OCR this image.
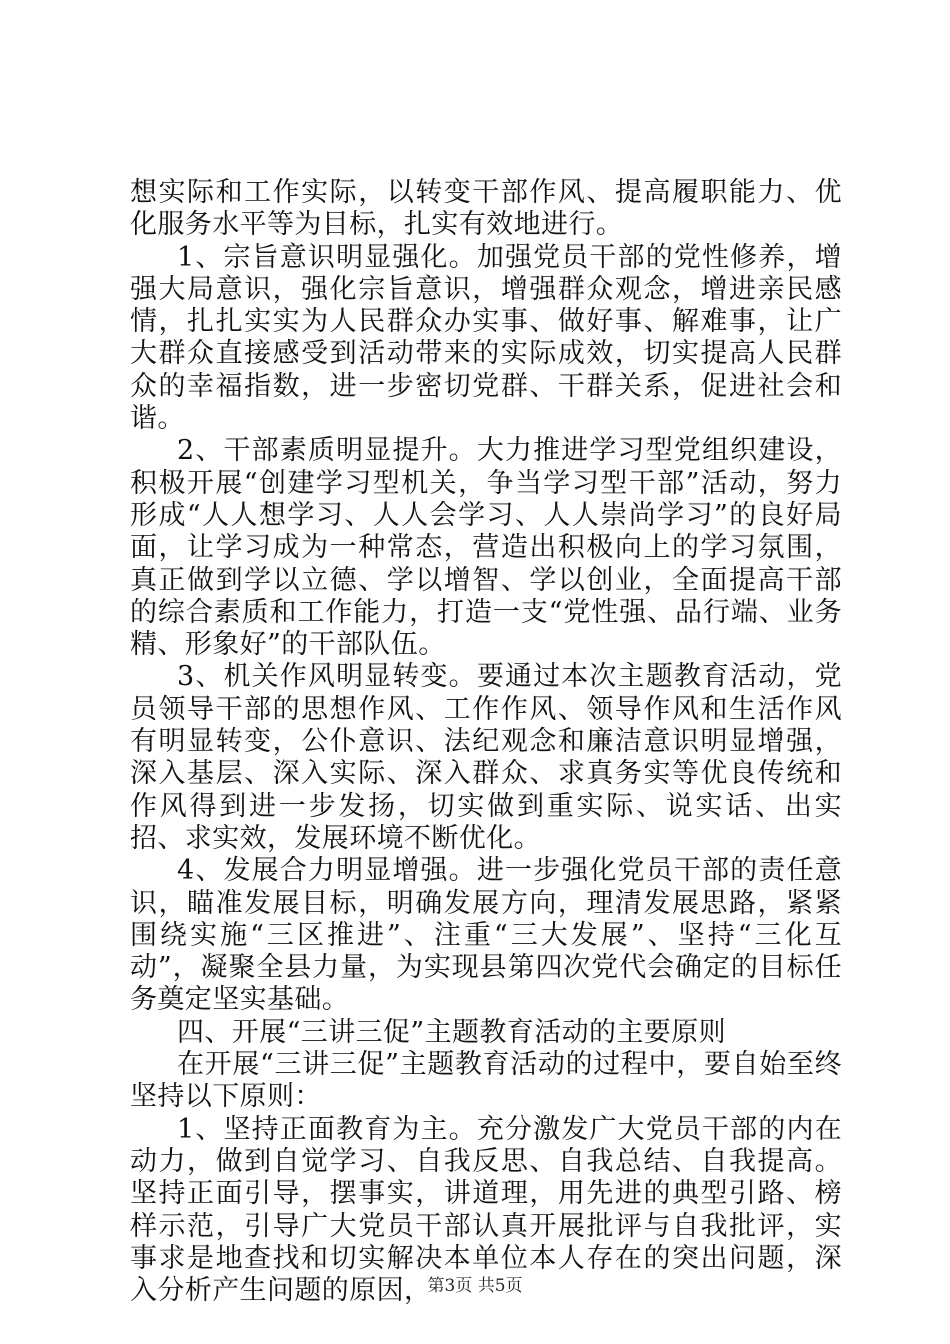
想实际和工作实际，以转变干部作风、提高履职能力、优化服务水平等为目标，扎实有效地进行。

1、宗旨意识明显强化。加强党员干部的党性修养，增强大局意识，强化宗旨意识，增强群众观念，增进亲民感情，扎扎实实为人民群众办实事、做好事、解难事，让广大群众直接感受到活动带来的实际成效，切实提高人民群众的幸福指数，进一步密切党群、干群关系，促进社会和谐。

2、干部素质明显提升。大力推进学习型党组织建设，积极开展“创建学习型机关，争当学习型干部”活动，努力形成“人人想学习、人人会学习、人人崇尚学习”的良好局面，让学习成为一种常态，营造出积极向上的学习氛围，真正做到学以立德、学以增智、学以创业，全面提高干部的综合素质和工作能力，打造一支“党性强、品行端、业务精、形象好”的干部队伍。

3、机关作风明显转变。要通过本次主题教育活动，党员领导干部的思想作风、工作作风、领导作风和生活作风有明显转变，公仆意识、法纪观念和廉洁意识明显增强，深入基层、深入实际、深入群众、求真务实等优良传统和作风得到进一步发扬，切实做到重实际、说实话、出实招、求实效，发展环境不断优化。

4、发展合力明显增强。进一步强化党员干部的责任意识，瞄准发展目标，明确发展方向，理清发展思路，紧紧围绕实施“三区推进”、注重“三大发展”、坚持“三化互动”，凝聚全县力量，为实现县第四次党代会确定的目标任务奠定坚实基础。

四、开展“三讲三促”主题教育活动的主要原则

在开展“三讲三促”主题教育活动的过程中，要自始至终坚持以下原则：

1、坚持正面教育为主。充分激发广大党员干部的内在动力，做到自觉学习、自我反思、自我总结、自我提高。坚持正面引导，摆事实，讲道理，用先进的典型引路、榜样示范，引导广大党员干部认真开展批评与自我批评，实事求是地查找和切实解决本单位本人存在的突出问题，深入分析产生问题的原因，

第3页 共5页
